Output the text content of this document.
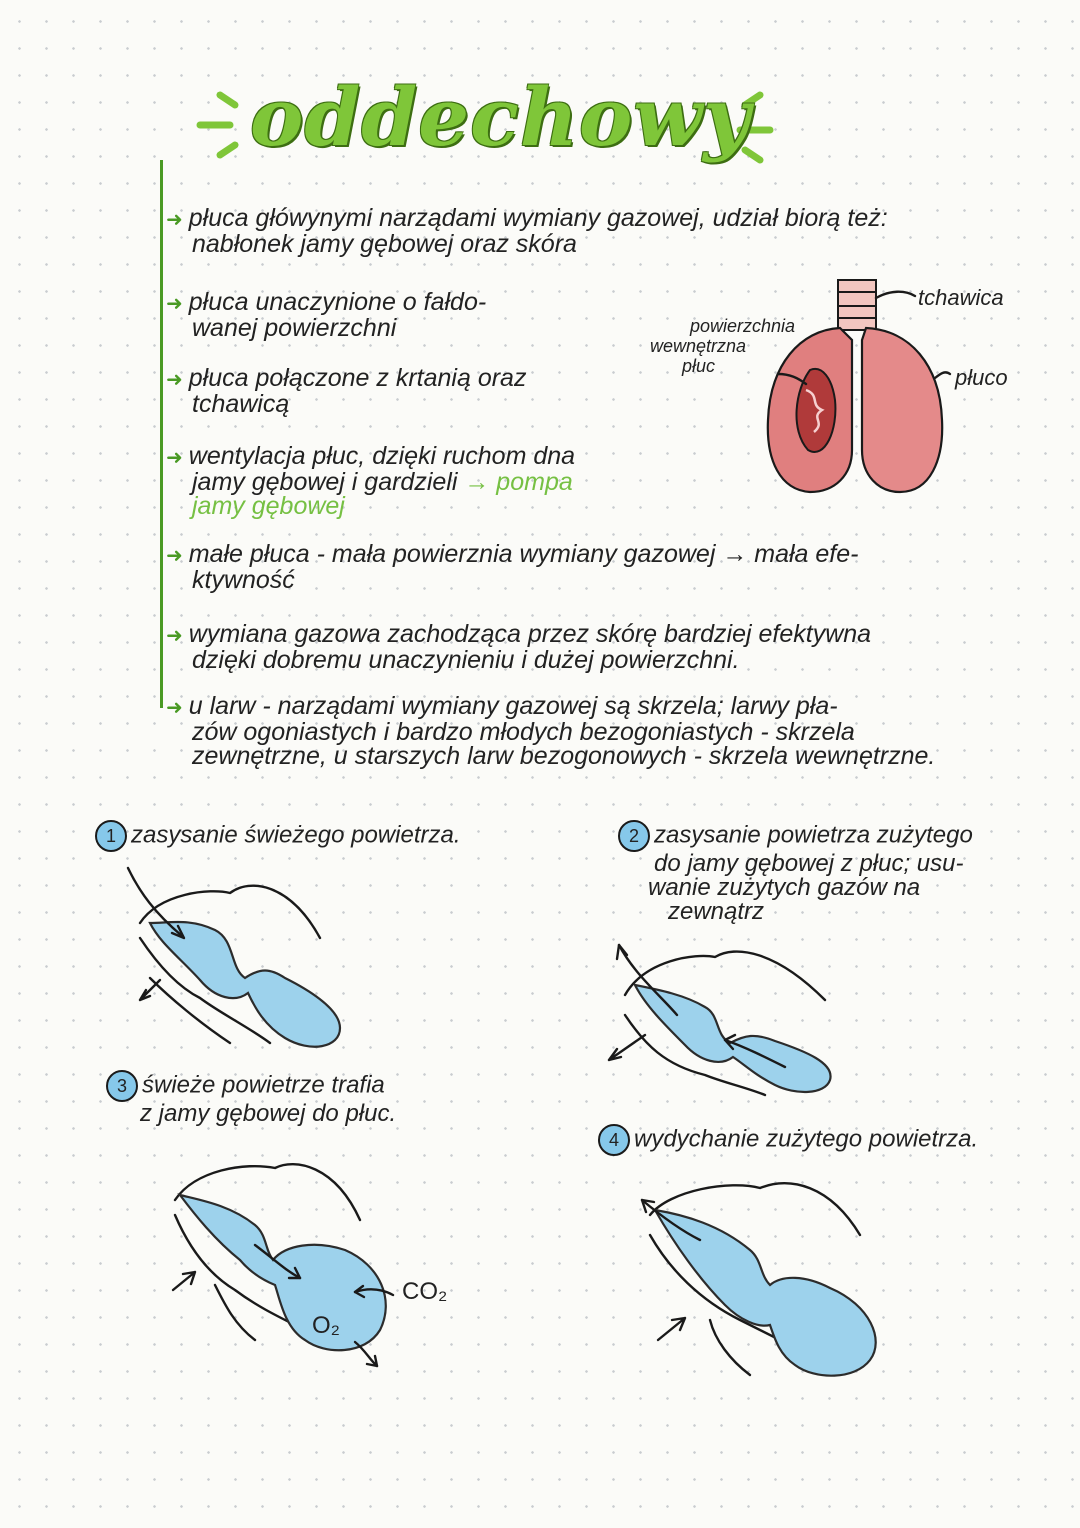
oddechowy
➜ płuca główynymi narządami wymiany gazowej, udział biorą też:
nabłonek jamy gębowej oraz skóra
➜ płuca unaczynione o fałdo-
wanej powierzchni
➜ płuca połączone z krtanią oraz
tchawicą
➜ wentylacja płuc, dzięki ruchom dna
jamy gębowej i gardzieli → pompa
jamy gębowej
➜ małe płuca - mała powierznia wymiany gazowej → mała efe-
ktywność
➜ wymiana gazowa zachodząca przez skórę bardziej efektywna
dzięki dobremu unaczynieniu i dużej powierzchni.
➜ u larw - narządami wymiany gazowej są skrzela; larwy pła-
zów ogoniastych i bardzo młodych bezogoniastych - skrzela
zewnętrzne, u starszych larw bezogonowych - skrzela wewnętrzne.
tchawica
płuco
powierzchnia
wewnętrzna
płuc
1 zasysanie świeżego powietrza.	2 zasysanie powietrza zużytego
do jamy gębowej z płuc; usu-
wanie zużytych gazów na
zewnątrz
3 świeże powietrze trafia
z jamy gębowej do płuc.
CO₂
O₂
4 wydychanie zużytego powietrza.
